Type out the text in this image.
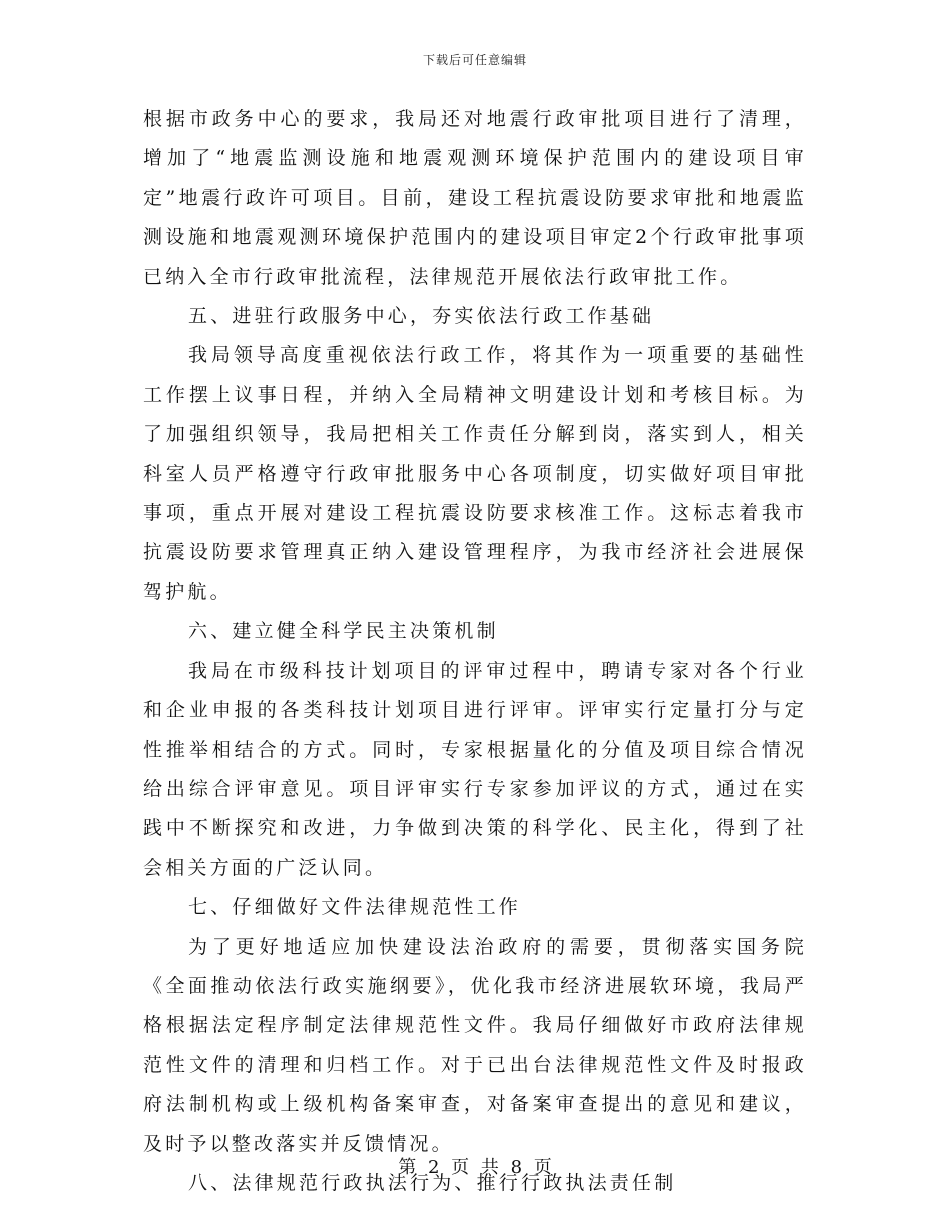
下载后可任意编辑

根据市政务中心的要求，我局还对地震行政审批项目进行了清理，增加了“地震监测设施和地震观测环境保护范围内的建设项目审定”地震行政许可项目。目前，建设工程抗震设防要求审批和地震监测设施和地震观测环境保护范围内的建设项目审定2个行政审批事项已纳入全市行政审批流程，法律规范开展依法行政审批工作。

五、进驻行政服务中心，夯实依法行政工作基础

我局领导高度重视依法行政工作，将其作为一项重要的基础性工作摆上议事日程，并纳入全局精神文明建设计划和考核目标。为了加强组织领导，我局把相关工作责任分解到岗，落实到人，相关科室人员严格遵守行政审批服务中心各项制度，切实做好项目审批事项，重点开展对建设工程抗震设防要求核准工作。这标志着我市抗震设防要求管理真正纳入建设管理程序，为我市经济社会进展保驾护航。

六、建立健全科学民主决策机制

我局在市级科技计划项目的评审过程中，聘请专家对各个行业和企业申报的各类科技计划项目进行评审。评审实行定量打分与定性推举相结合的方式。同时，专家根据量化的分值及项目综合情况给出综合评审意见。项目评审实行专家参加评议的方式，通过在实践中不断探究和改进，力争做到决策的科学化、民主化，得到了社会相关方面的广泛认同。

七、仔细做好文件法律规范性工作

为了更好地适应加快建设法治政府的需要，贯彻落实国务院《全面推动依法行政实施纲要》，优化我市经济进展软环境，我局严格根据法定程序制定法律规范性文件。我局仔细做好市政府法律规范性文件的清理和归档工作。对于已出台法律规范性文件及时报政府法制机构或上级机构备案审查，对备案审查提出的意见和建议，及时予以整改落实并反馈情况。

八、法律规范行政执法行为、推行行政执法责任制

第 2 页 共 8 页
